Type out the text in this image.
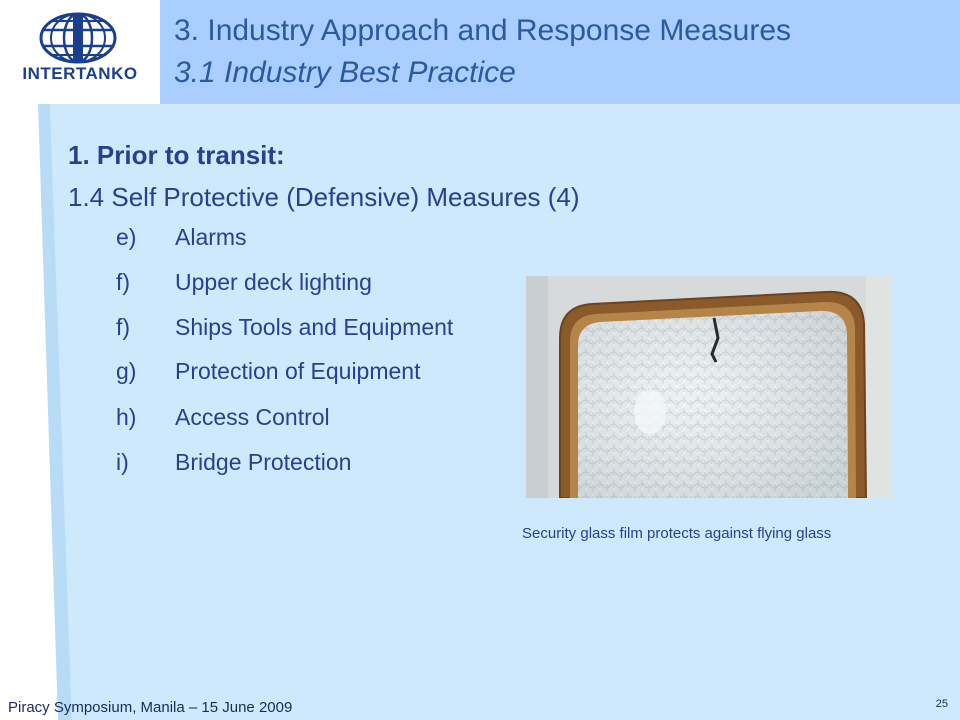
INTERTANKO
3. Industry Approach and Response Measures
3.1 Industry Best Practice
1. Prior to transit:
1.4 Self Protective (Defensive) Measures (4)
e) Alarms
f) Upper deck lighting
f) Ships Tools and Equipment
g) Protection of Equipment
h) Access Control
i) Bridge Protection
Security glass film protects against flying glass
Piracy Symposium, Manila – 15 June 2009	25
